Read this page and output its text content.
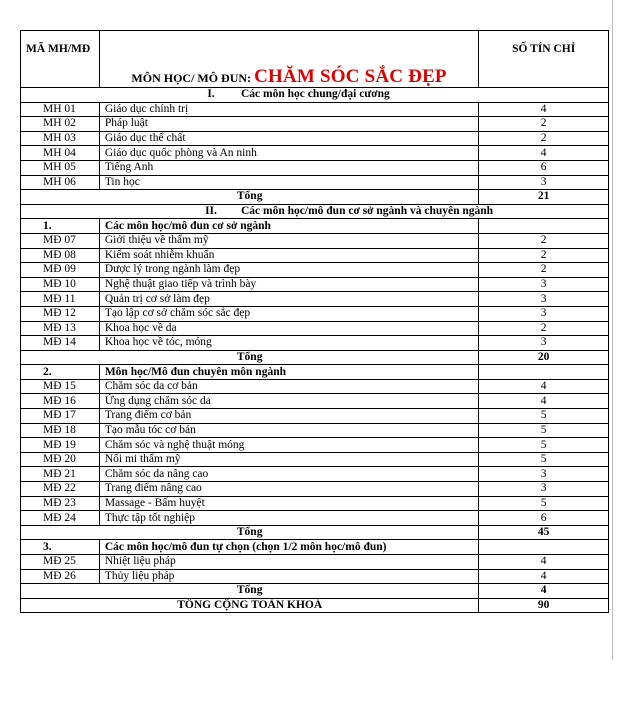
MÃ MH/MĐ	MÔN HỌC/ MÔ ĐUN: CHĂM SÓC SẮC ĐẸP	SỐ TÍN CHỈ
I. Các môn học chung/đại cương		
MH 01	Giáo dục chính trị	4
MH 02	Pháp luật	2
MH 03	Giáo dục thể chất	2
MH 04	Giáo dục quốc phòng và An ninh	4
MH 05	Tiếng Anh	6
MH 06	Tin học	3
Tổng		21
II. Các môn học/mô đun cơ sở ngành và chuyên ngành		
1.	Các môn học/mô đun cơ sở ngành	
MĐ 07	Giới thiệu về thẩm mỹ	2
MĐ 08	Kiểm soát nhiễm khuẩn	2
MĐ 09	Dược lý trong ngành làm đẹp	2
MĐ 10	Nghệ thuật giao tiếp và trình bày	3
MĐ 11	Quản trị cơ sở làm đẹp	3
MĐ 12	Tạo lập cơ sở chăm sóc sắc đẹp	3
MĐ 13	Khoa học về da	2
MĐ 14	Khoa học về tóc, móng	3
Tổng		20
2.	Môn học/Mô đun chuyên môn ngành	
MĐ 15	Chăm sóc da cơ bản	4
MĐ 16	Ứng dụng chăm sóc da	4
MĐ 17	Trang điểm cơ bản	5
MĐ 18	Tạo mẫu tóc cơ bản	5
MĐ 19	Chăm sóc và nghệ thuật móng	5
MĐ 20	Nối mi thẩm mỹ	5
MĐ 21	Chăm sóc da nâng cao	3
MĐ 22	Trang điểm nâng cao	3
MĐ 23	Massage - Bấm huyệt	5
MĐ 24	Thực tập tốt nghiệp	6
Tổng		45
3.	Các môn học/mô đun tự chọn (chọn 1/2 môn học/mô đun)	
MĐ 25	Nhiệt liệu pháp	4
MĐ 26	Thủy liệu pháp	4
Tổng		4
TỔNG CỘNG TOÀN KHOÁ		90
